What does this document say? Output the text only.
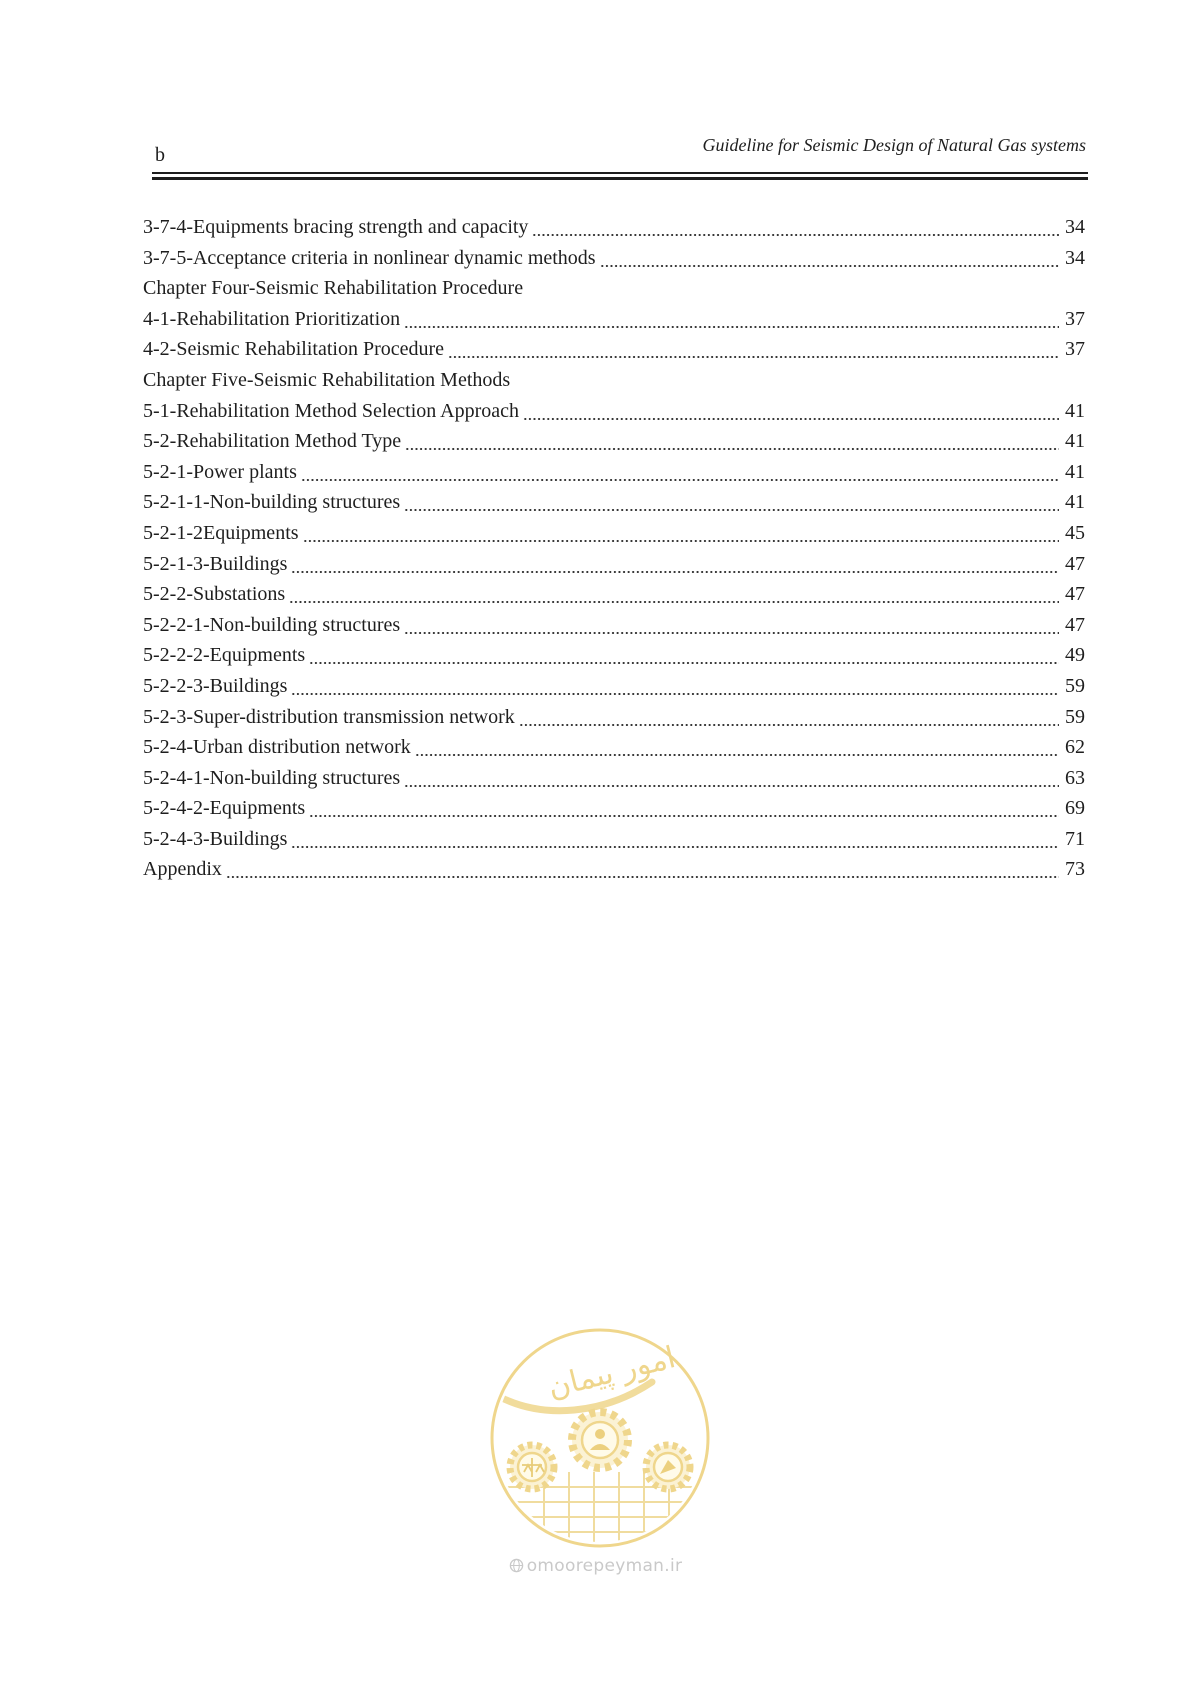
b	Guideline for Seismic Design of Natural Gas systems
3-7-4-Equipments bracing strength and capacity	34
3-7-5-Acceptance criteria in nonlinear dynamic methods	34
Chapter Four-Seismic Rehabilitation Procedure
4-1-Rehabilitation Prioritization	37
4-2-Seismic Rehabilitation Procedure	37
Chapter Five-Seismic Rehabilitation Methods
5-1-Rehabilitation Method Selection Approach	41
5-2-Rehabilitation Method Type	41
5-2-1-Power plants	41
5-2-1-1-Non-building structures	41
5-2-1-2Equipments	45
5-2-1-3-Buildings	47
5-2-2-Substations	47
5-2-2-1-Non-building structures	47
5-2-2-2-Equipments	49
5-2-2-3-Buildings	59
5-2-3-Super-distribution transmission network	59
5-2-4-Urban distribution network	62
5-2-4-1-Non-building structures	63
5-2-4-2-Equipments	69
5-2-4-3-Buildings	71
Appendix	73
امور پیمان
omoorepeyman.ir
